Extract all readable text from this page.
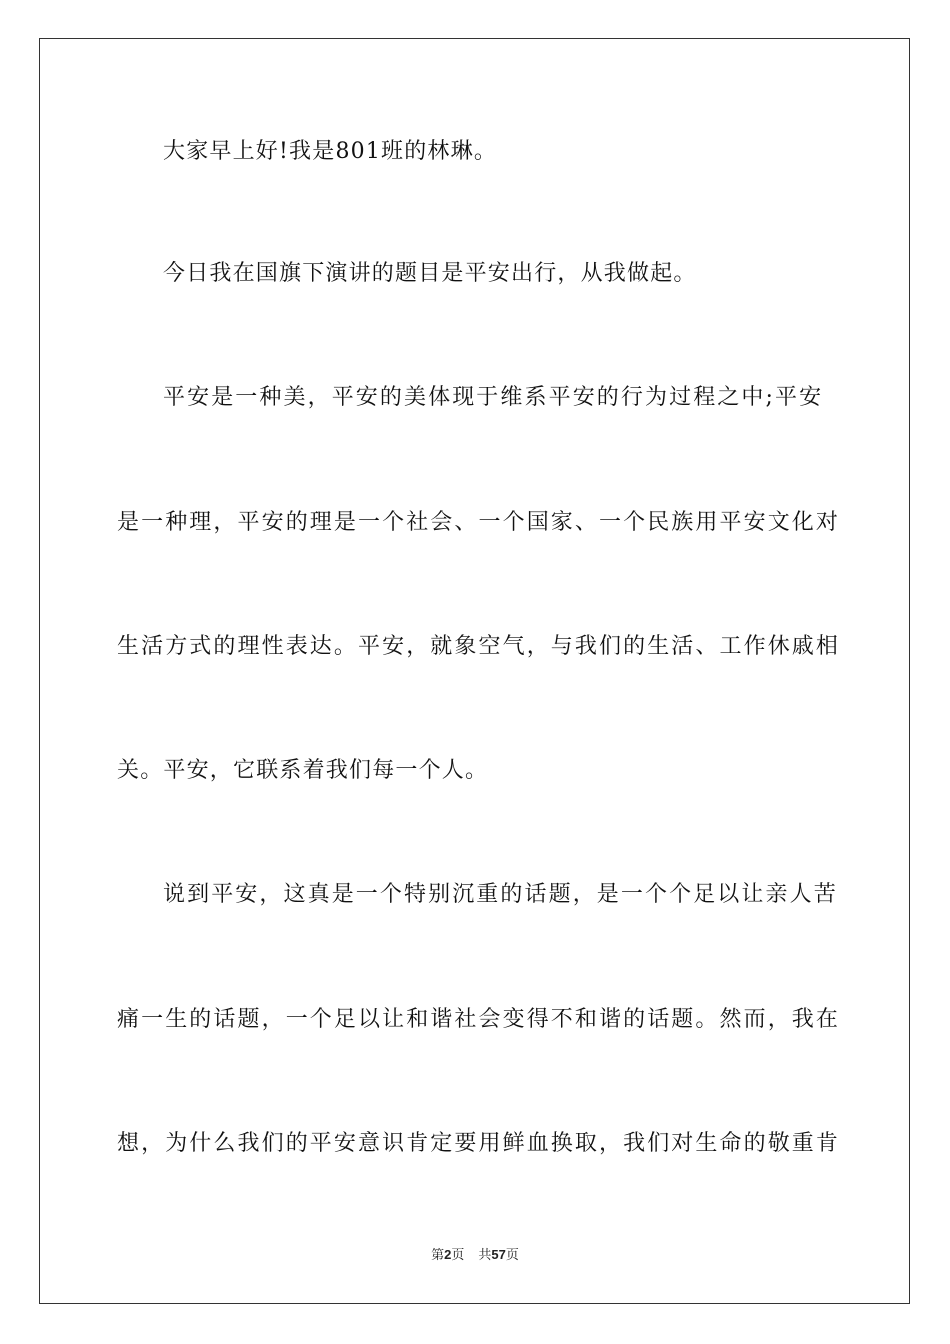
大家早上好!我是801班的林琳。
今日我在国旗下演讲的题目是平安出行，从我做起。
平安是一种美，平安的美体现于维系平安的行为过程之中;平安
是一种理，平安的理是一个社会、一个国家、一个民族用平安文化对
生活方式的理性表达。平安，就象空气，与我们的生活、工作休戚相
关。平安，它联系着我们每一个人。
说到平安，这真是一个特别沉重的话题，是一个个足以让亲人苦
痛一生的话题，一个足以让和谐社会变得不和谐的话题。然而，我在
想，为什么我们的平安意识肯定要用鲜血换取，我们对生命的敬重肯
第2页 共57页
